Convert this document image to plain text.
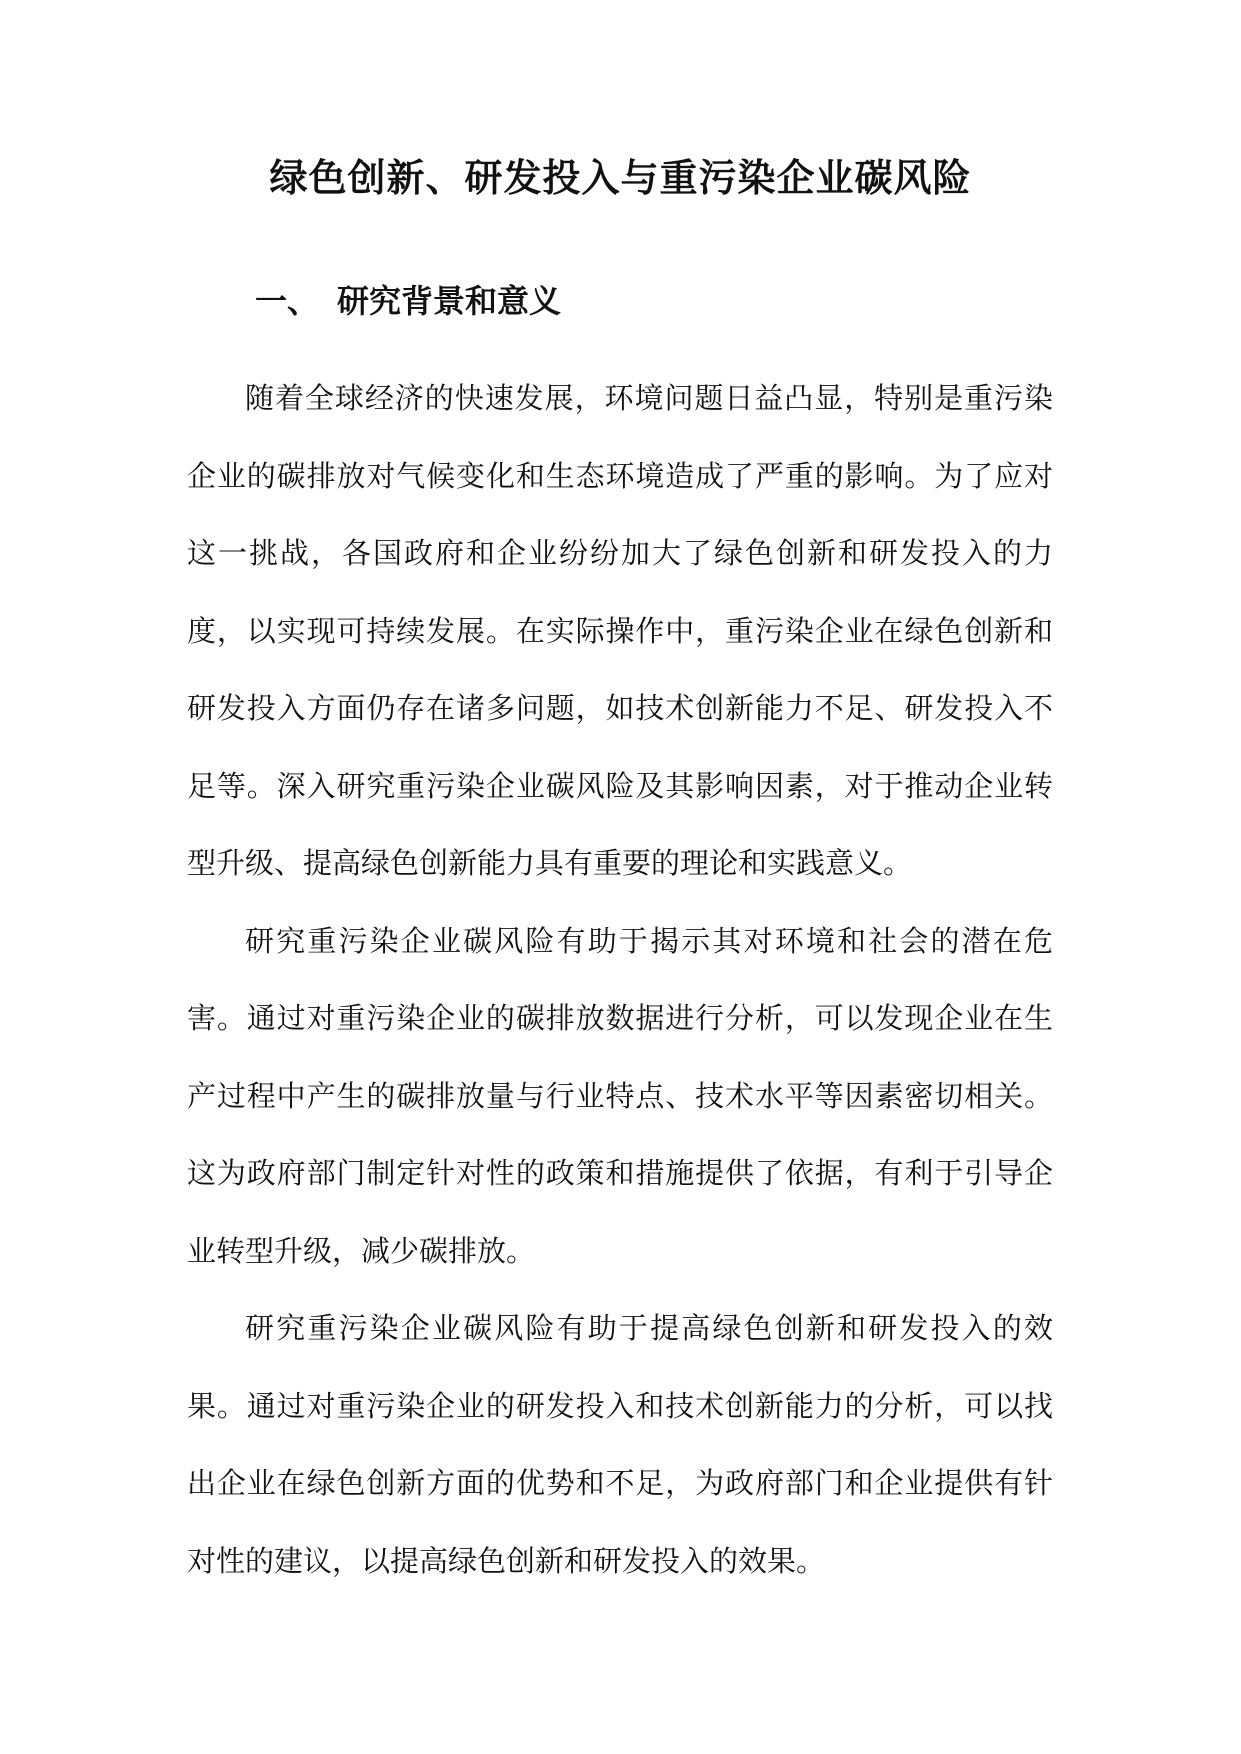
绿色创新、研发投入与重污染企业碳风险
一、 研究背景和意义

随着全球经济的快速发展，环境问题日益凸显，特别是重污染企业的碳排放对气候变化和生态环境造成了严重的影响。为了应对这一挑战，各国政府和企业纷纷加大了绿色创新和研发投入的力度，以实现可持续发展。在实际操作中，重污染企业在绿色创新和研发投入方面仍存在诸多问题，如技术创新能力不足、研发投入不足等。深入研究重污染企业碳风险及其影响因素，对于推动企业转型升级、提高绿色创新能力具有重要的理论和实践意义。

研究重污染企业碳风险有助于揭示其对环境和社会的潜在危害。通过对重污染企业的碳排放数据进行分析，可以发现企业在生产过程中产生的碳排放量与行业特点、技术水平等因素密切相关。这为政府部门制定针对性的政策和措施提供了依据，有利于引导企业转型升级，减少碳排放。

研究重污染企业碳风险有助于提高绿色创新和研发投入的效果。通过对重污染企业的研发投入和技术创新能力的分析，可以找出企业在绿色创新方面的优势和不足，为政府部门和企业提供有针对性的建议，以提高绿色创新和研发投入的效果。
